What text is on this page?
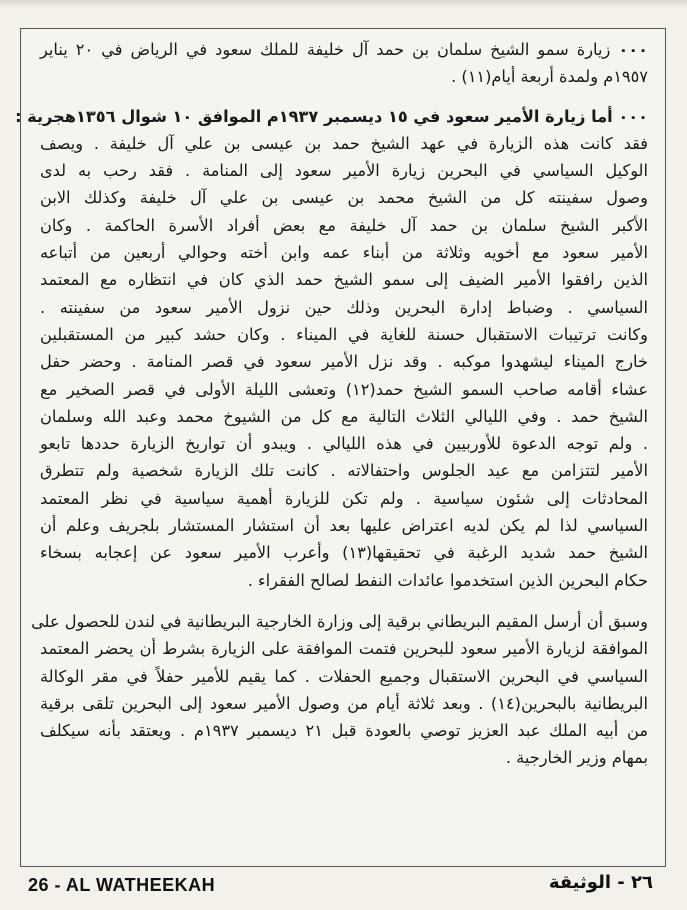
٠٠٠ زيارة سمو الشيخ سلمان بن حمد آل خليفة للملك سعود في الرياض في ٢٠ يناير
١٩٥٧م ولمدة أربعة أيام(١١) .
٠٠٠ أما زيارة الأمير سعود في ١٥ ديسمبر ١٩٣٧م الموافق ١٠ شوال ١٣٥٦هجرية :
فقد كانت هذه الزيارة في عهد الشيخ حمد بن عيسى بن علي آل خليفة . ويصف
الوكيل السياسي في البحرين زيارة الأمير سعود إلى المنامة . فقد رحب به لدى
وصول سفينته كل من الشيخ محمد بن عيسى بن علي آل خليفة وكذلك الابن
الأكبر الشيخ سلمان بن حمد آل خليفة مع بعض أفراد الأسرة الحاكمة . وكان
الأمير سعود مع أخويه وثلاثة من أبناء عمه وابن أخته وحوالي أربعين من أتباعه
الذين رافقوا الأمير الضيف إلى سمو الشيخ حمد الذي كان في انتظاره مع المعتمد
السياسي . وضباط إدارة البحرين وذلك حين نزول الأمير سعود من سفينته .
وكانت ترتيبات الاستقبال حسنة للغاية في الميناء . وكان حشد كبير من المستقبلين
خارج الميناء ليشهدوا موكبه . وقد نزل الأمير سعود في قصر المنامة . وحضر حفل
عشاء أقامه صاحب السمو الشيخ حمد(١٢) وتعشى الليلة الأولى في قصر الصخير مع
الشيخ حمد . وفي الليالي الثلاث التالية مع كل من الشيوخ محمد وعبد الله وسلمان
. ولم توجه الدعوة للأوربيين في هذه الليالي . ويبدو أن تواريخ الزيارة حددها تابعو
الأمير لتتزامن مع عيد الجلوس واحتفالاته . كانت تلك الزيارة شخصية ولم تتطرق
المحادثات إلى شئون سياسية . ولم تكن للزيارة أهمية سياسية في نظر المعتمد
السياسي لذا لم يكن لديه اعتراض عليها بعد أن استشار المستشار بلجريف وعلم أن
الشيخ حمد شديد الرغبة في تحقيقها(١٣) وأعرب الأمير سعود عن إعجابه بسخاء
حكام البحرين الذين استخدموا عائدات النفط لصالح الفقراء .
وسبق أن أرسل المقيم البريطاني برقية إلى وزارة الخارجية البريطانية في لندن للحصول على
الموافقة لزيارة الأمير سعود للبحرين فتمت الموافقة على الزيارة بشرط أن يحضر المعتمد
السياسي في البحرين الاستقبال وجميع الحفلات . كما يقيم للأمير حفلاً في مقر الوكالة
البريطانية بالبحرين(١٤) . وبعد ثلاثة أيام من وصول الأمير سعود إلى البحرين تلقى برقية
من أبيه الملك عبد العزيز توصي بالعودة قبل ٢١ ديسمبر ١٩٣٧م . ويعتقد بأنه سيكلف
بمهام وزير الخارجية .
26 - AL WATHEEKAH	٢٦ - الوثيقة
